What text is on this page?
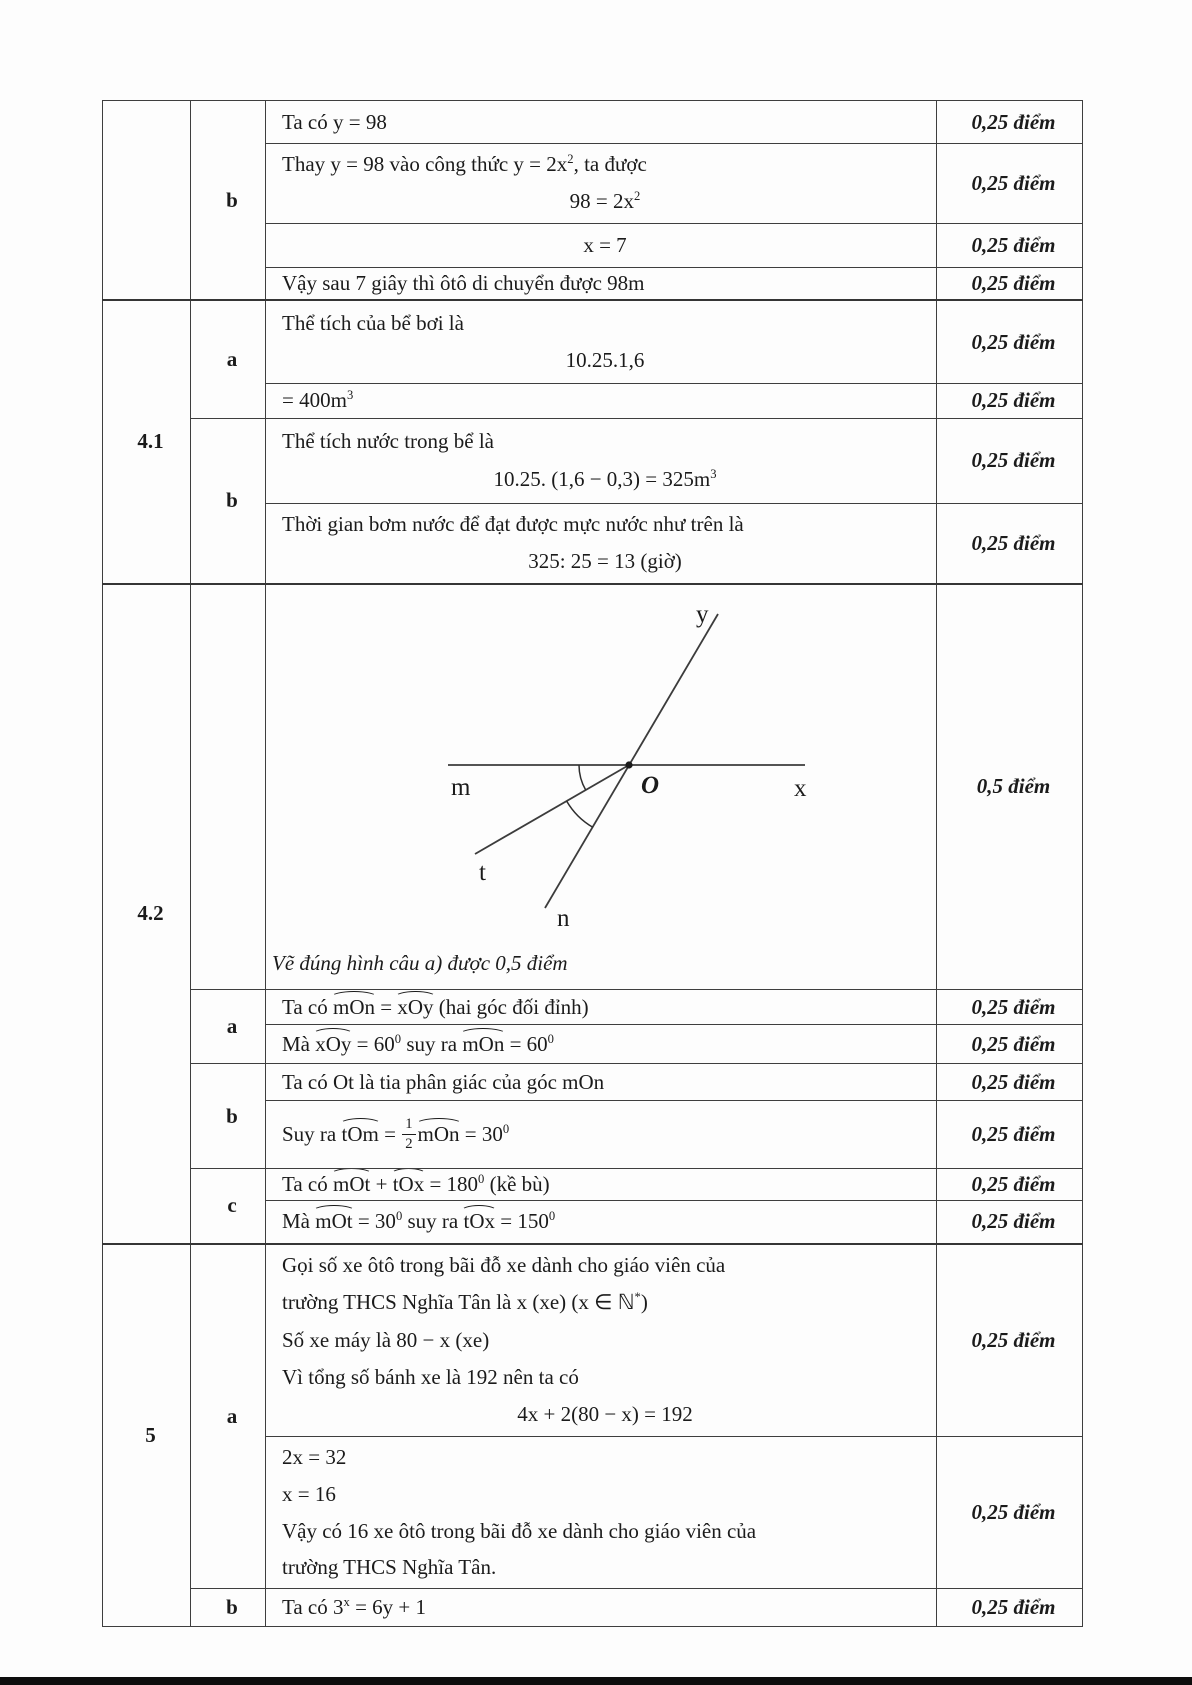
	b	Ta có y = 98	0,25 điểm

		Thay y = 98 vào công thức $y = 2x^2$, ta được
$98 = 2x^2$	0,25 điểm
		x = 7	0,25 điểm
		Vậy sau 7 giây thì ôtô di chuyển được 98m	0,25 điểm
4.1	a	Thể tích của bể bơi là
10.25.1,6	0,25 điểm
		= $400m^3$	0,25 điểm
	b	Thể tích nước trong bể là
10.25. $(1,6 - 0,3) = 325m^3$	0,25 điểm

		Thời gian bơm nước để đạt được mực nước như trên là
325: 25 = 13 (giờ)	0,25 điểm
4.2		
y
m	x
O
t
n
Vẽ đúng hình câu a) được 0,5 điểm
	0,5 điểm
	a	Ta có mOn = xOy (hai góc đối đỉnh)	0,25 điểm
		Mà xOy = $60^0$ suy ra mOn = $60^0$	0,25 điểm
	b	Ta có Ot là tia phân giác của góc mOn	0,25 điểm
		Suy ra tOm = $\frac{1}{2}$ mOn = $30^0$	0,25 điểm
	c	Ta có mOt + tOx = $180^0$ (kề bù)	0,25 điểm
		Mà mOt = $30^0$ suy ra tOx = $150^0$	0,25 điểm
5	a	Gọi số xe ôtô trong bãi đỗ xe dành cho giáo viên của
trường THCS Nghĩa Tân là x (xe) (x ∈ ℕ*)
Số xe máy là 80 − x (xe)
Vì tổng số bánh xe là 192 nên ta có
4x + 2(80 − x) = 192	0,25 điểm

		2x = 32
x = 16
Vậy có 16 xe ôtô trong bãi đỗ xe dành cho giáo viên của
trường THCS Nghĩa Tân.	0,25 điểm
	b	Ta có $3^x = 6y + 1$	0,25 điểm
